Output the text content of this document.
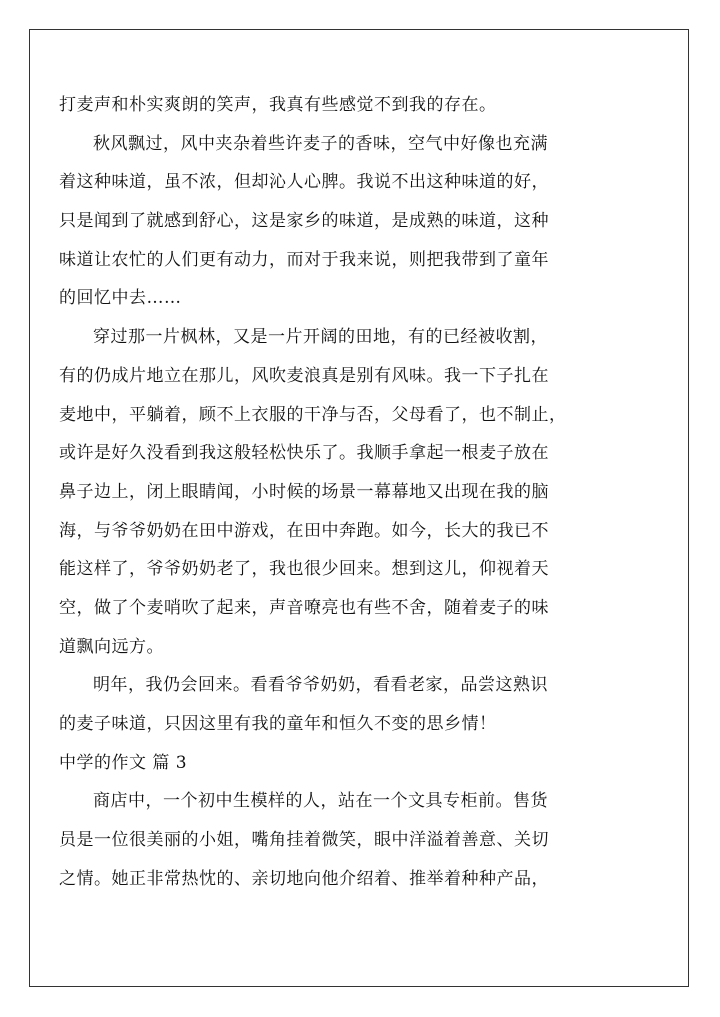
打麦声和朴实爽朗的笑声，我真有些感觉不到我的存在。
秋风飘过，风中夹杂着些许麦子的香味，空气中好像也充满
着这种味道，虽不浓，但却沁人心脾。我说不出这种味道的好，
只是闻到了就感到舒心，这是家乡的味道，是成熟的味道，这种
味道让农忙的人们更有动力，而对于我来说，则把我带到了童年
的回忆中去……
穿过那一片枫林，又是一片开阔的田地，有的已经被收割，
有的仍成片地立在那儿，风吹麦浪真是别有风味。我一下子扎在
麦地中，平躺着，顾不上衣服的干净与否，父母看了，也不制止，
或许是好久没看到我这般轻松快乐了。我顺手拿起一根麦子放在
鼻子边上，闭上眼睛闻，小时候的场景一幕幕地又出现在我的脑
海，与爷爷奶奶在田中游戏，在田中奔跑。如今，长大的我已不
能这样了，爷爷奶奶老了，我也很少回来。想到这儿，仰视着天
空，做了个麦哨吹了起来，声音嘹亮也有些不舍，随着麦子的味
道飘向远方。
明年，我仍会回来。看看爷爷奶奶，看看老家，品尝这熟识
的麦子味道，只因这里有我的童年和恒久不变的思乡情！
中学的作文 篇 3
商店中，一个初中生模样的人，站在一个文具专柜前。售货
员是一位很美丽的小姐，嘴角挂着微笑，眼中洋溢着善意、关切
之情。她正非常热忱的、亲切地向他介绍着、推举着种种产品，
